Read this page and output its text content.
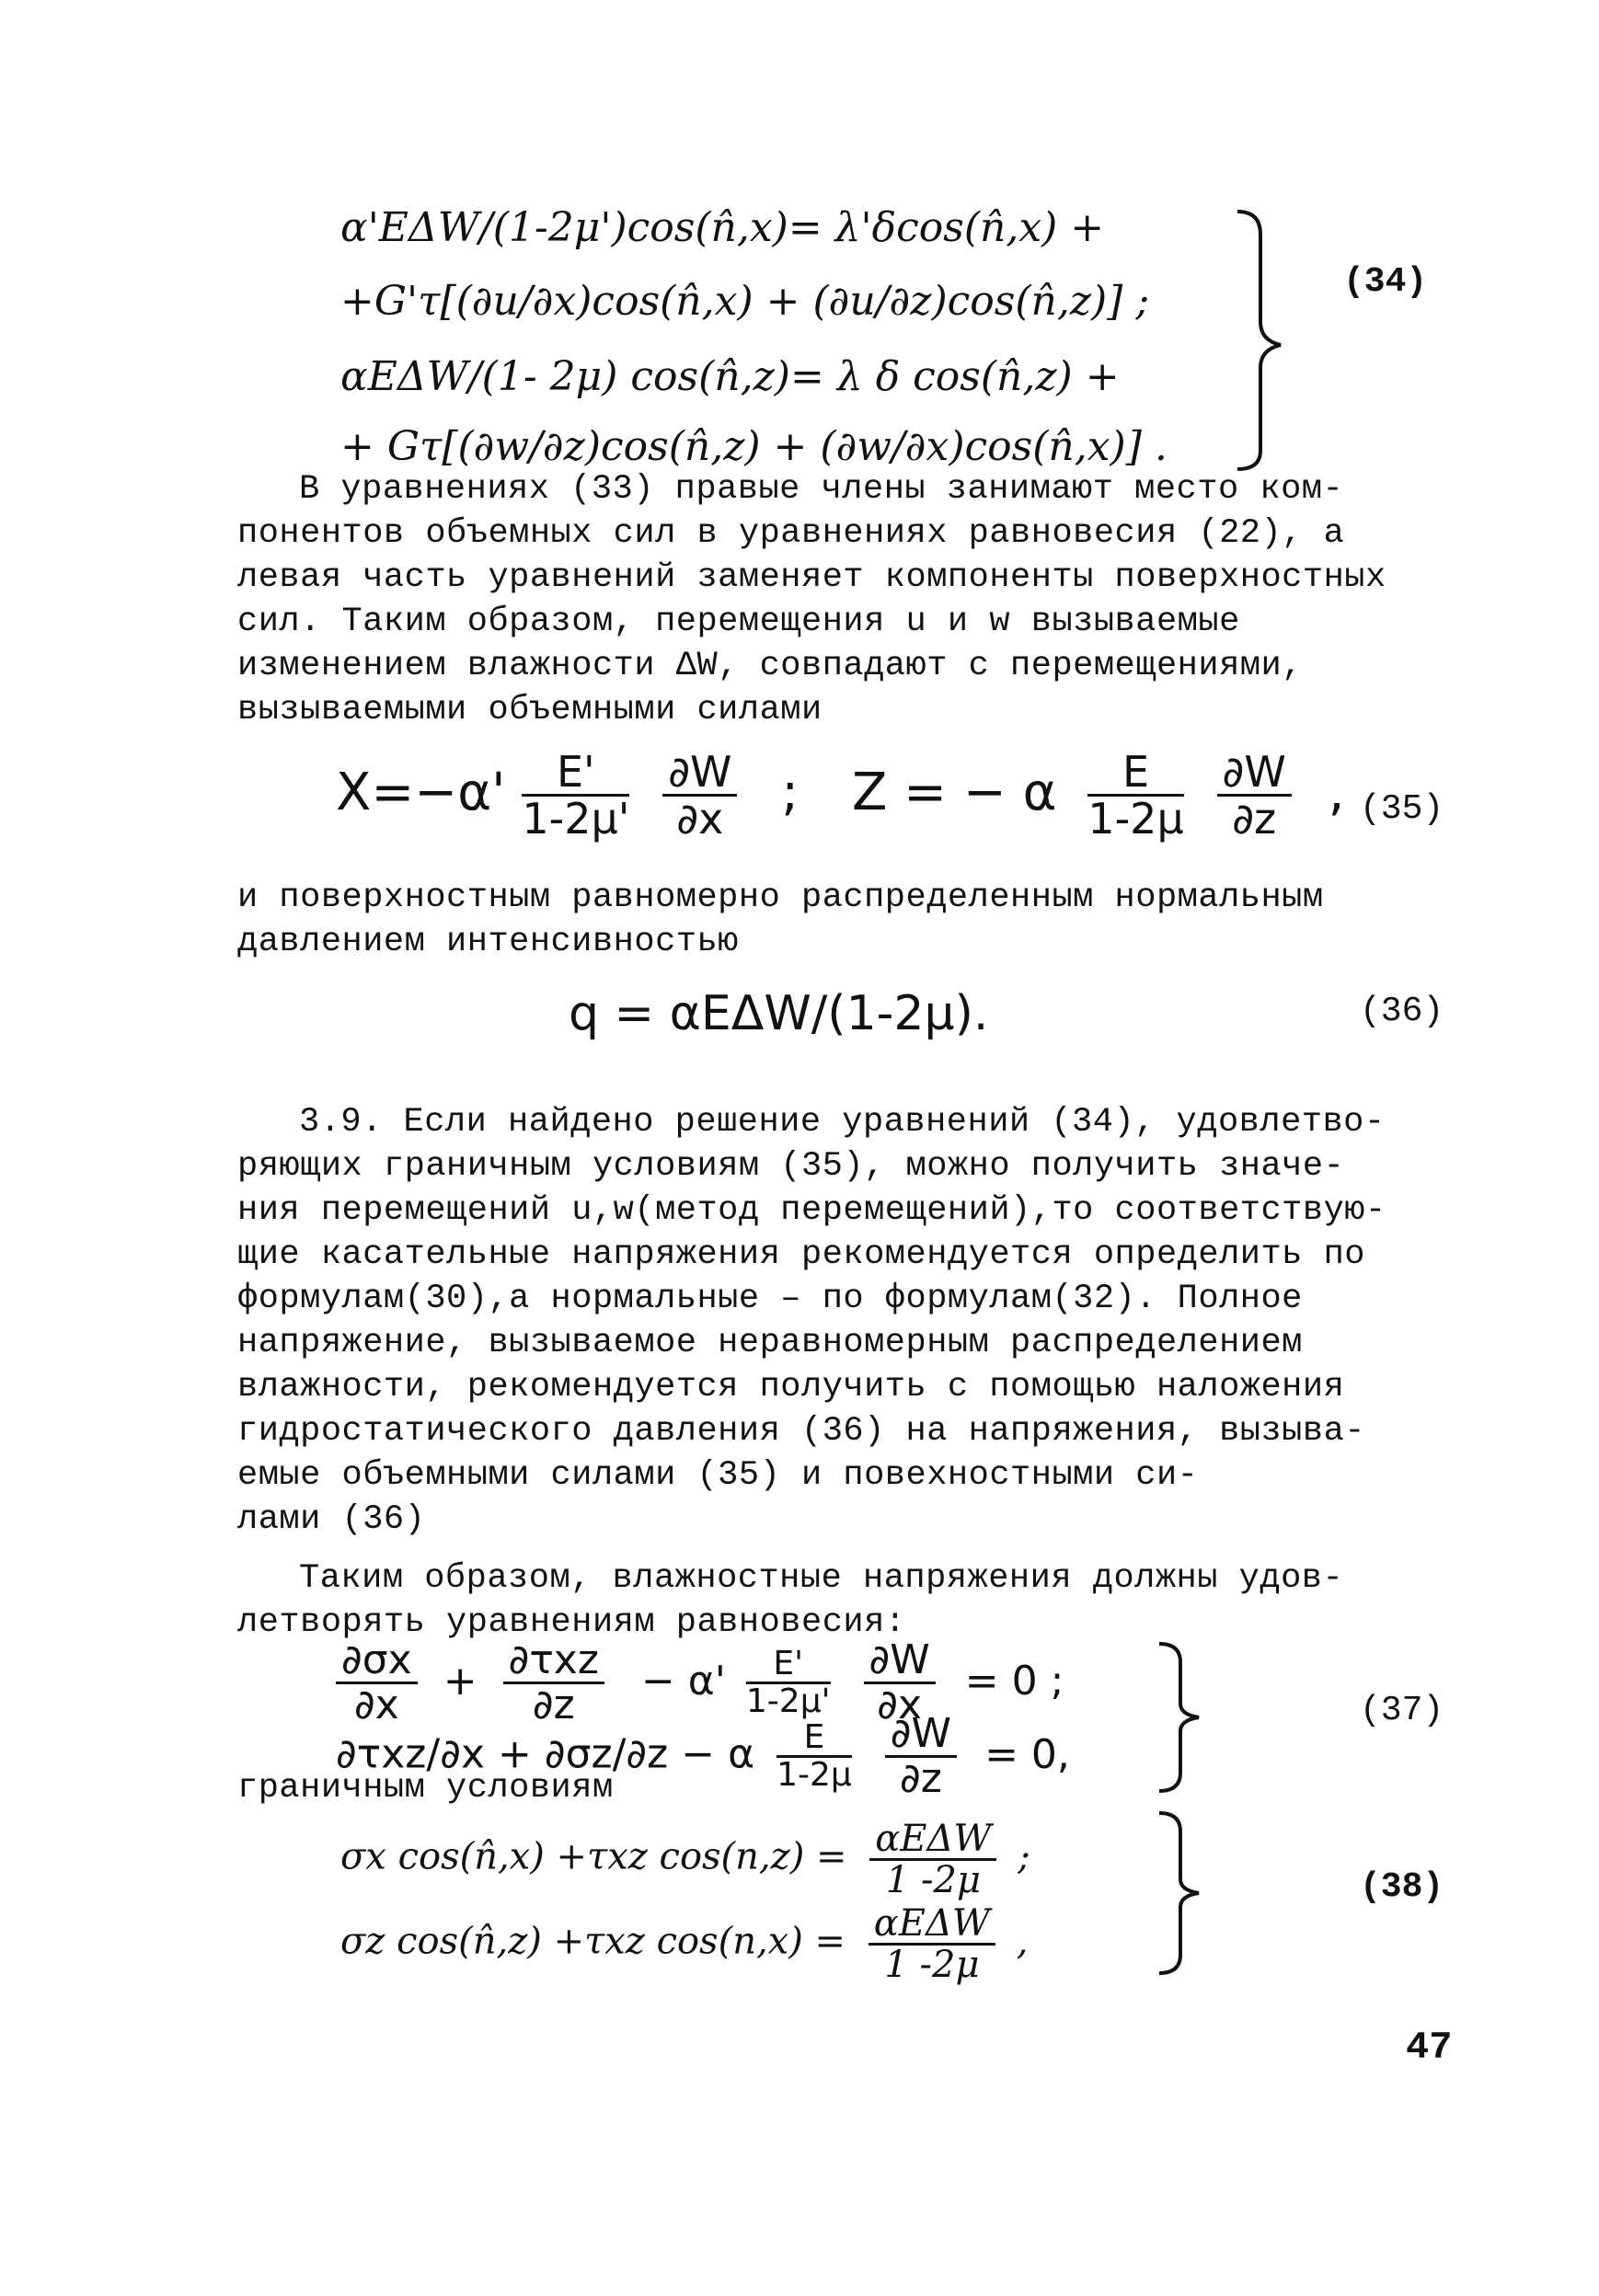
α'EΔW/(1-2μ')cos(n̂,x)= λ'δcos(n̂,x) +
+G'τ[(∂u/∂x)cos(n̂,x) + (∂u/∂z)cos(n̂,z)] ;
αEΔW/(1- 2μ) cos(n̂,z)= λ δ cos(n̂,z) +
+ Gτ[(∂w/∂z)cos(n̂,z) + (∂w/∂x)cos(n̂,x)] .
(34)
В уравнениях (33) правые члены занимают место ком-
понентов объемных сил в уравнениях равновесия (22), а
левая часть уравнений заменяет компоненты поверхностных
сил. Таким образом, перемещения u и w вызываемые
изменением влажности ΔW, совпадают с перемещениями,
вызываемыми объемными силами
$X=-\alpha' \frac{E'}{1-2\mu'}$
$\frac{\partial W}{\partial x}$ ; Z = − α $\frac{E}{1-2\mu}$
$\frac{\partial W}{\partial z}$ , (35)
и поверхностным равномерно распределенным нормальным
давлением интенсивностью
q = αEΔW/(1-2μ).	(36)
3.9. Если найдено решение уравнений (34), удовлетво-
ряющих граничным условиям (35), можно получить значе-
ния перемещений u,w(метод перемещений),то соответствую-
щие касательные напряжения рекомендуется определить по
формулам(30),а нормальные – по формулам(32). Полное
напряжение, вызываемое неравномерным распределением
влажности, рекомендуется получить с помощью наложения
гидростатического давления (36) на напряжения, вызыва-
емые объемными силами (35) и повехностными си-
лами (36)
Таким образом, влажностные напряжения должны удов-
летворять уравнениям равновесия:
$\frac{\partial\sigma x}{\partial x} + \frac{\text{∂τxz}}{\partial z} - \alpha' \frac{E'}{1-2\mu'}$
$\frac{\partial W}{\partial x} = 0$ ;
∂τxz/∂x + ∂σz/∂z − α $\frac{E}{1-2\mu}$
$\frac{\partial W}{\partial z} = 0$,
(37)
граничным условиям
σx cos(n̂,x) +τxz $\cos(n,z) = \frac{\text{αEΔW}}{1 -2\mu}$ ;
σz cos(n̂,z) +τxz $\cos(n,x) = \frac{\text{αEΔW}}{1 -2\mu}$ ,
(38)
47
